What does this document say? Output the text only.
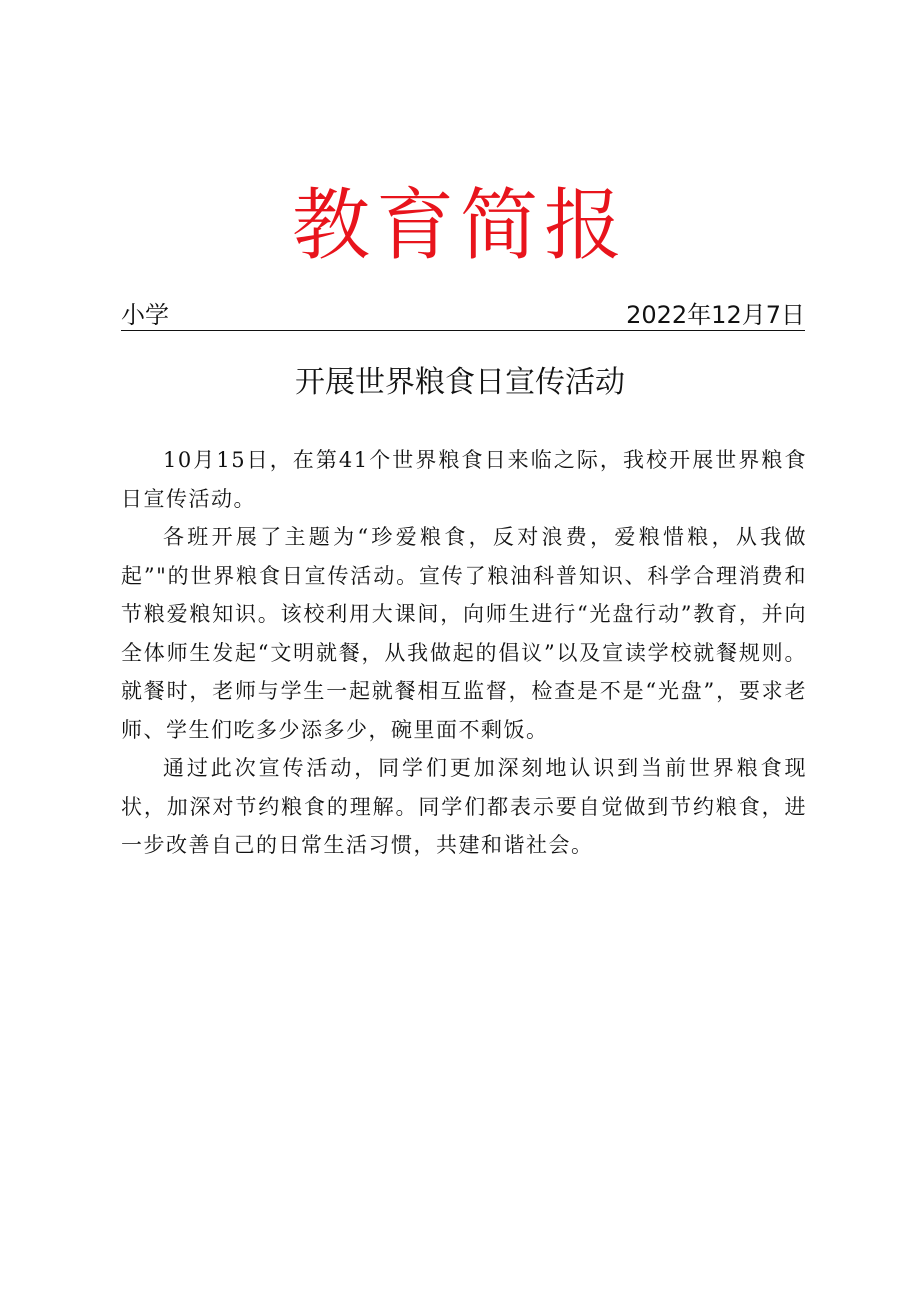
教育简报
小学	2022年12月7日
开展世界粮食日宣传活动

10月15日，在第41个世界粮食日来临之际，我校开展世界粮食日宣传活动。

各班开展了主题为“珍爱粮食，反对浪费，爱粮惜粮，从我做起”"的世界粮食日宣传活动。宣传了粮油科普知识、科学合理消费和节粮爱粮知识。该校利用大课间，向师生进行“光盘行动”教育，并向全体师生发起“文明就餐，从我做起的倡议”以及宣读学校就餐规则。就餐时，老师与学生一起就餐相互监督，检查是不是“光盘”，要求老师、学生们吃多少添多少，碗里面不剩饭。

通过此次宣传活动，同学们更加深刻地认识到当前世界粮食现状，加深对节约粮食的理解。同学们都表示要自觉做到节约粮食，进一步改善自己的日常生活习惯，共建和谐社会。
